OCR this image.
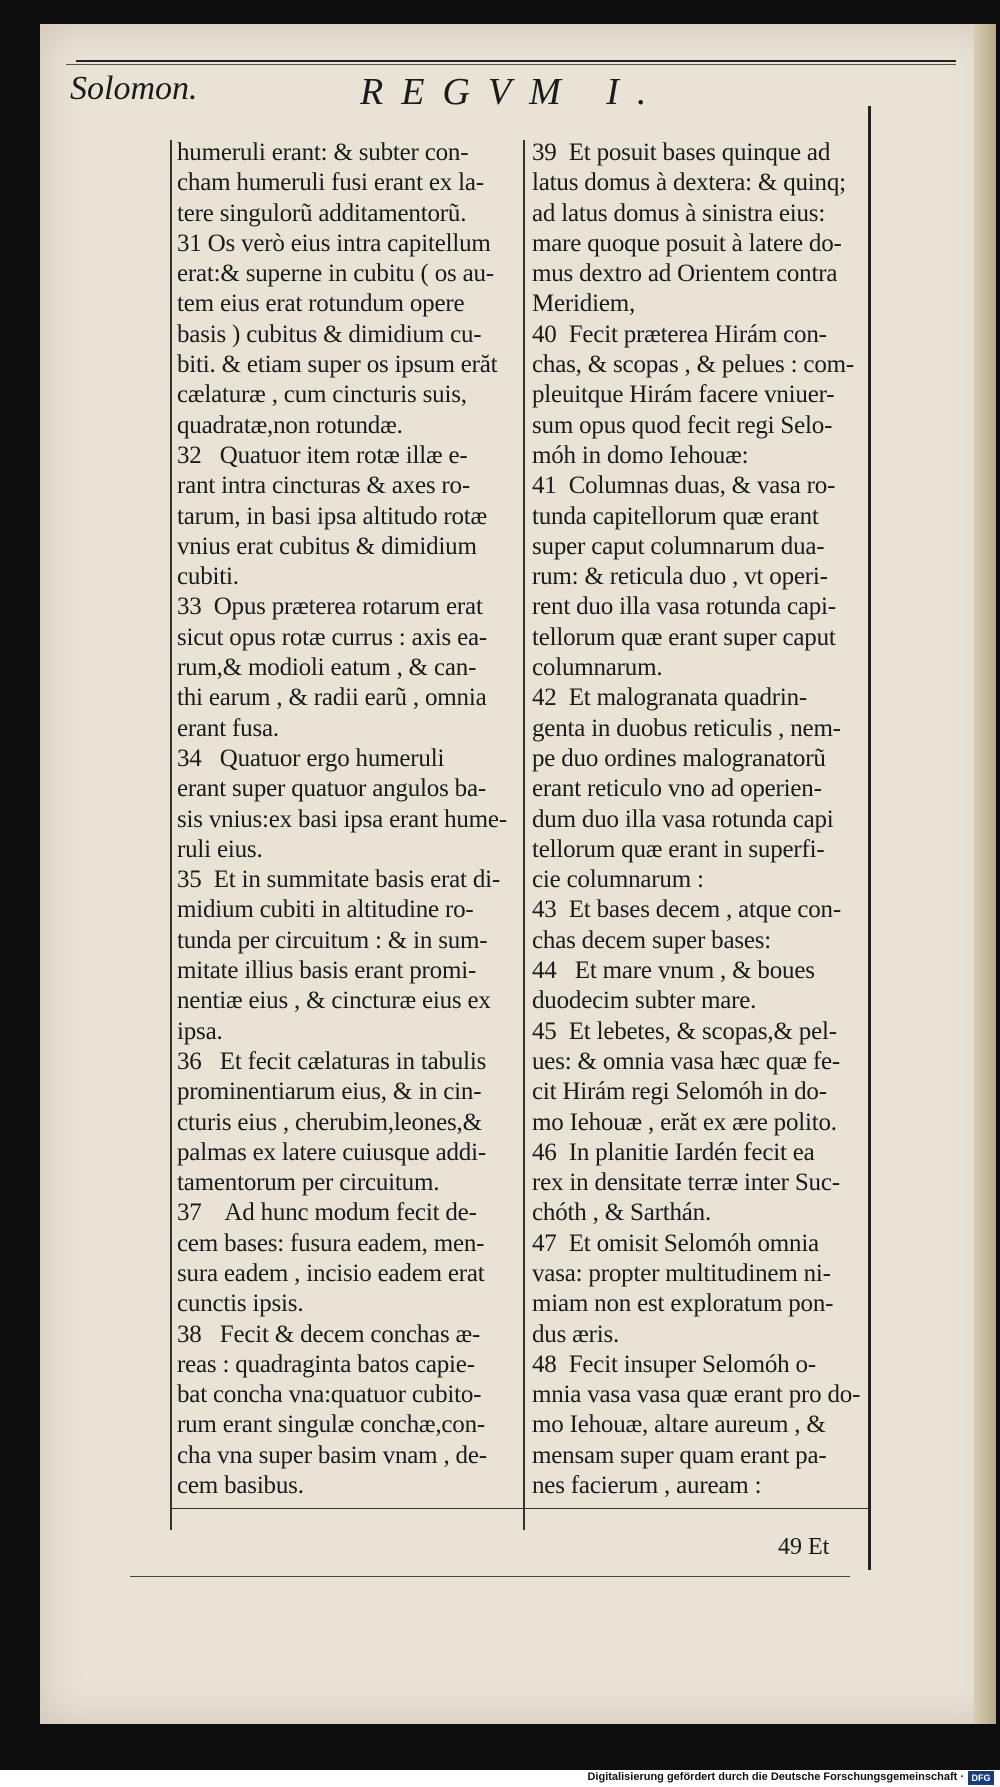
Solomon.	REGVM I.
humeruli erant: & subter con-
cham humeruli fusi erant ex la-
tere singulorũ additamentorũ.
31 Os verò eius intra capitellum
erat:& superne in cubitu ( os au-
tem eius erat rotundum opere
basis ) cubitus & dimidium cu-
biti. & etiam super os ipsum erăt
cælaturæ , cum cincturis suis,
quadratæ,non rotundæ.
32   Quatuor item rotæ illæ e-
rant intra cincturas & axes ro-
tarum, in basi ipsa altitudo rotæ
vnius erat cubitus & dimidium
cubiti.
33  Opus præterea rotarum erat
sicut opus rotæ currus : axis ea-
rum,& modioli eatum , & can-
thi earum , & radii earũ , omnia
erant fusa.
34   Quatuor ergo humeruli
erant super quatuor angulos ba-
sis vnius:ex basi ipsa erant hume-
ruli eius.
35  Et in summitate basis erat di-
midium cubiti in altitudine ro-
tunda per circuitum : & in sum-
mitate illius basis erant promi-
nentiæ eius , & cincturæ eius ex
ipsa.
36   Et fecit cælaturas in tabulis
prominentiarum eius, & in cin-
cturis eius , cherubim,leones,&
palmas ex latere cuiusque addi-
tamentorum per circuitum.
37    Ad hunc modum fecit de-
cem bases: fusura eadem, men-
sura eadem , incisio eadem erat
cunctis ipsis.
38   Fecit & decem conchas æ-
reas : quadraginta batos capie-
bat concha vna:quatuor cubito-
rum erant singulæ conchæ,con-
cha vna super basim vnam , de-
cem basibus.
39  Et posuit bases quinque ad
latus domus à dextera: & quinq;
ad latus domus à sinistra eius:
mare quoque posuit à latere do-
mus dextro ad Orientem contra
Meridiem,
40  Fecit præterea Hirám con-
chas, & scopas , & pelues : com-
pleuitque Hirám facere vniuer-
sum opus quod fecit regi Selo-
móh in domo Iehouæ:
41  Columnas duas, & vasa ro-
tunda capitellorum quæ erant
super caput columnarum dua-
rum: & reticula duo , vt operi-
rent duo illa vasa rotunda capi-
tellorum quæ erant super caput
columnarum.
42  Et malogranata quadrin-
genta in duobus reticulis , nem-
pe duo ordines malogranatorũ
erant reticulo vno ad operien-
dum duo illa vasa rotunda capi
tellorum quæ erant in superfi-
cie columnarum :
43  Et bases decem , atque con-
chas decem super bases:
44   Et mare vnum , & boues
duodecim subter mare.
45  Et lebetes, & scopas,& pel-
ues: & omnia vasa hæc quæ fe-
cit Hirám regi Selomóh in do-
mo Iehouæ , erăt ex ære polito.
46  In planitie Iardén fecit ea
rex in densitate terræ inter Suc-
chóth , & Sarthán.
47  Et omisit Selomóh omnia
vasa: propter multitudinem ni-
miam non est exploratum pon-
dus æris.
48  Fecit insuper Selomóh o-
mnia vasa vasa quæ erant pro do-
mo Iehouæ, altare aureum , &
mensam super quam erant pa-
nes facierum , auream :
49 Et
Digitalisierung gefördert durch die Deutsche Forschungsgemeinschaft · DFG
